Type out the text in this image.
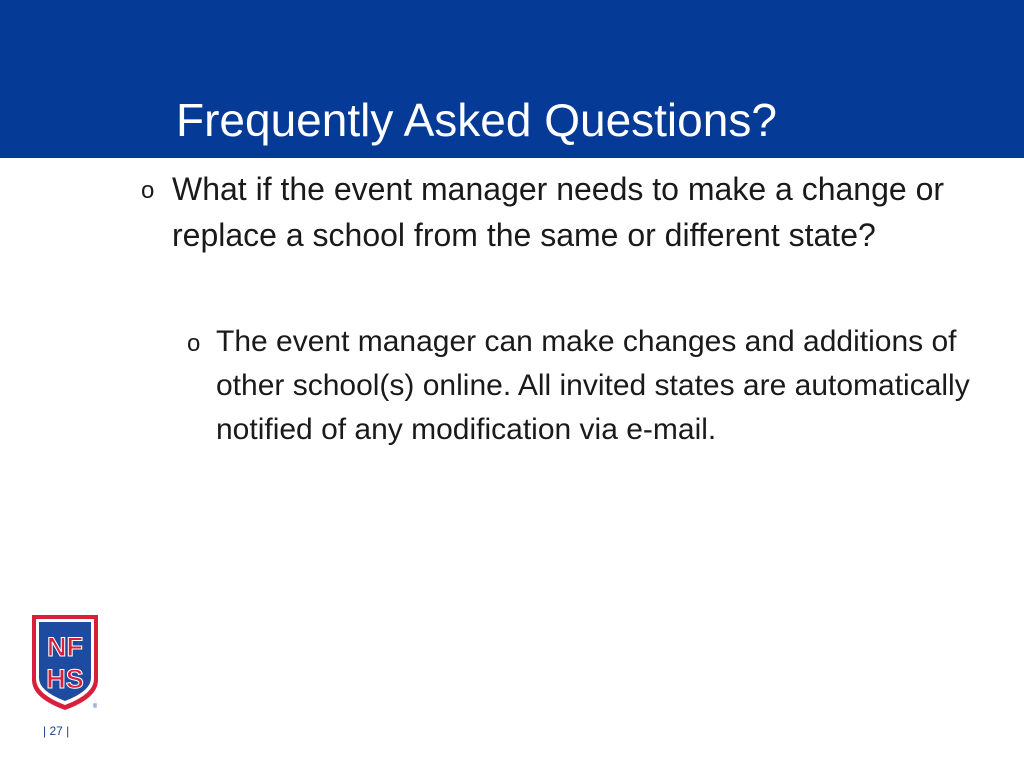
Frequently Asked Questions?
o What if the event manager needs to make a change or replace a school from the same or different state?
o The event manager can make changes and additions of other school(s) online. All invited states are automatically notified of any modification via e-mail.
NF
HS
®
| 27 |
